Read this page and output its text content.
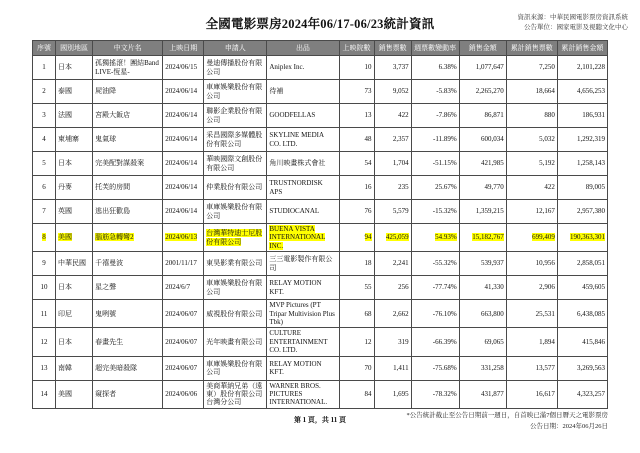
全國電影票房2024年06/17-06/23統計資訊	資訊來源：中華民國電影票房資訊系統
公告單位：國家電影及視聽文化中心
序號	國別地區	中文片名	上映日期	申請人	出品	上映院數	銷售票數	週票數變動率	銷售金額	累計銷售票數	累計銷售金額
1	日本	孤獨搖滾！團結Band LIVE-恆星-	2024/06/15	曼迪傳播股份有限公司	Aniplex Inc.	10	3,737	6.38%	1,077,647	7,250	2,101,228
2	泰國	屍油降	2024/06/14	車庫娛樂股份有限公司	待補	73	9,052	-5.83%	2,265,270	18,664	4,656,253
3	法國	宮殿大飯店	2024/06/14	聯影企業股份有限公司	GOODFELLAS	13	422	-7.86%	86,871	880	186,931
4	柬埔寨	鬼氣球	2024/06/14	采昌國際多媒體股份有限公司	SKYLINE MEDIA CO. LTD.	48	2,357	-11.89%	600,034	5,032	1,292,319
5	日本	完美配對謀殺案	2024/06/14	華映國際文創股份有限公司	角川映畫株式會社	54	1,704	-51.15%	421,985	5,192	1,258,143
6	丹麥	托芙的房間	2024/06/14	仲業股份有限公司	TRUSTNORDISK APS	16	235	25.67%	49,770	422	89,005
7	英國	逃出狂歡島	2024/06/14	車庫娛樂股份有限公司	STUDIOCANAL	76	5,579	-15.32%	1,359,215	12,167	2,957,380
8	美國	腦筋急轉彎2	2024/06/13	台灣華特迪士尼股份有限公司	BUENA VISTA INTERNATIONAL INC.	94	425,059	54.93%	15,182,767	699,409	190,363,301
9	中華民國	千禧曼波	2001/11/17	東昊影業有限公司	三三電影製作有限公司	18	2,241	-55.32%	539,937	10,956	2,858,051
10	日本	星之聲	2024/6/7	車庫娛樂股份有限公司	RELAY MOTION KFT.	55	256	-77.74%	41,330	2,906	459,605
11	印尼	鬼咧號	2024/06/07	威視股份有限公司	MVP Pictures (PT Tripar Multivision Plus Tbk)	68	2,662	-76.10%	663,800	25,531	6,438,085
12	日本	春畫先生	2024/06/07	光年映畫有限公司	CULTURE ENTERTAINMENT CO. LTD.	12	319	-66.39%	69,065	1,894	415,846
13	南韓	超完美暗殺隊	2024/06/07	車庫娛樂股份有限公司	RELAY MOTION KFT.	70	1,411	-75.68%	331,258	13,577	3,269,563
14	美國	窺探者	2024/06/06	美商華納兄弟（遠東）股份有限公司台灣分公司	WARNER BROS. PICTURES INTERNATIONAL.	84	1,695	-78.32%	431,877	16,617	4,323,257
第 1 頁，共 11 頁
*公告統計截止至公告日期前一週日，自首映已滿7個日曆天之電影票房
公告日期：2024年06月26日
